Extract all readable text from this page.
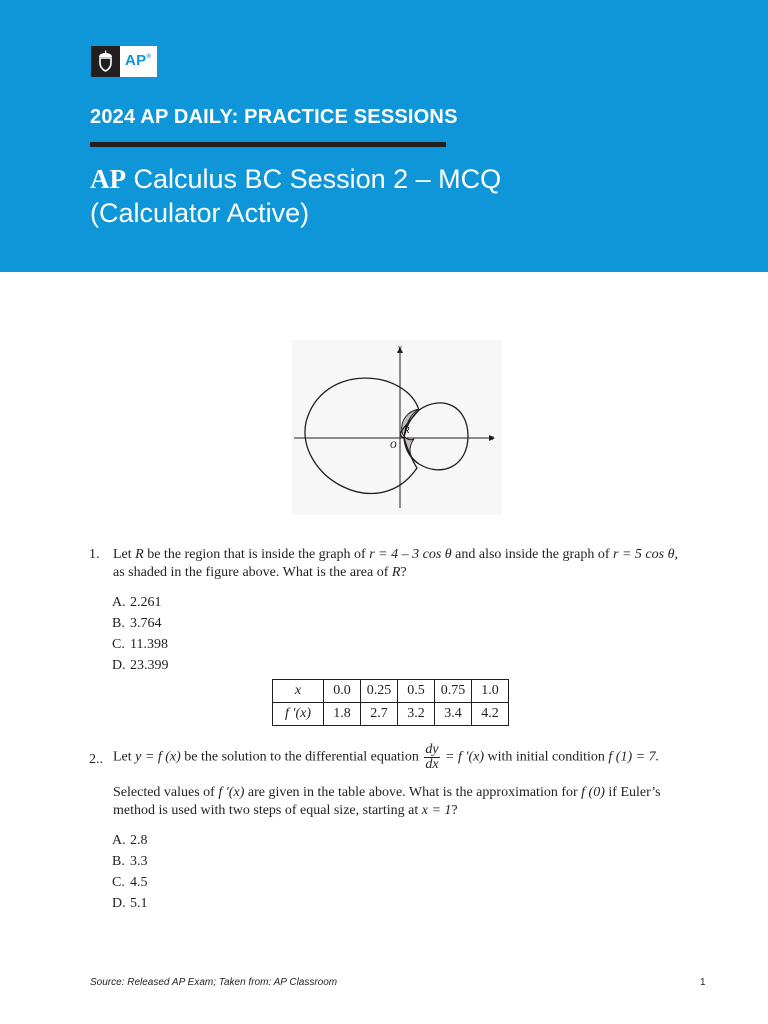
AP®
2024 AP DAILY: PRACTICE SESSIONS
AP Calculus BC Session 2 – MCQ
(Calculator Active)
y
x
O
R
1. Let R be the region that is inside the graph of r = 4 – 3 cos θ and also inside the graph of r = 5 cos θ,
as shaded in the figure above. What is the area of R?
A. 2.261
B. 3.764
C. 11.398
D. 23.399
x	0.0	0.25	0.5	0.75	1.0
f ′(x)	1.8	2.7	3.2	3.4	4.2
2.. Let y = f (x) be the solution to the differential equation $\frac{dy}{dx} = f$ ′(x) with initial condition f (1) = 7.
Selected values of f ′(x) are given in the table above. What is the approximation for f (0) if Euler’s
method is used with two steps of equal size, starting at x = 1?
A. 2.8
B. 3.3
C. 4.5
D. 5.1
Source: Released AP Exam; Taken from: AP Classroom	1
